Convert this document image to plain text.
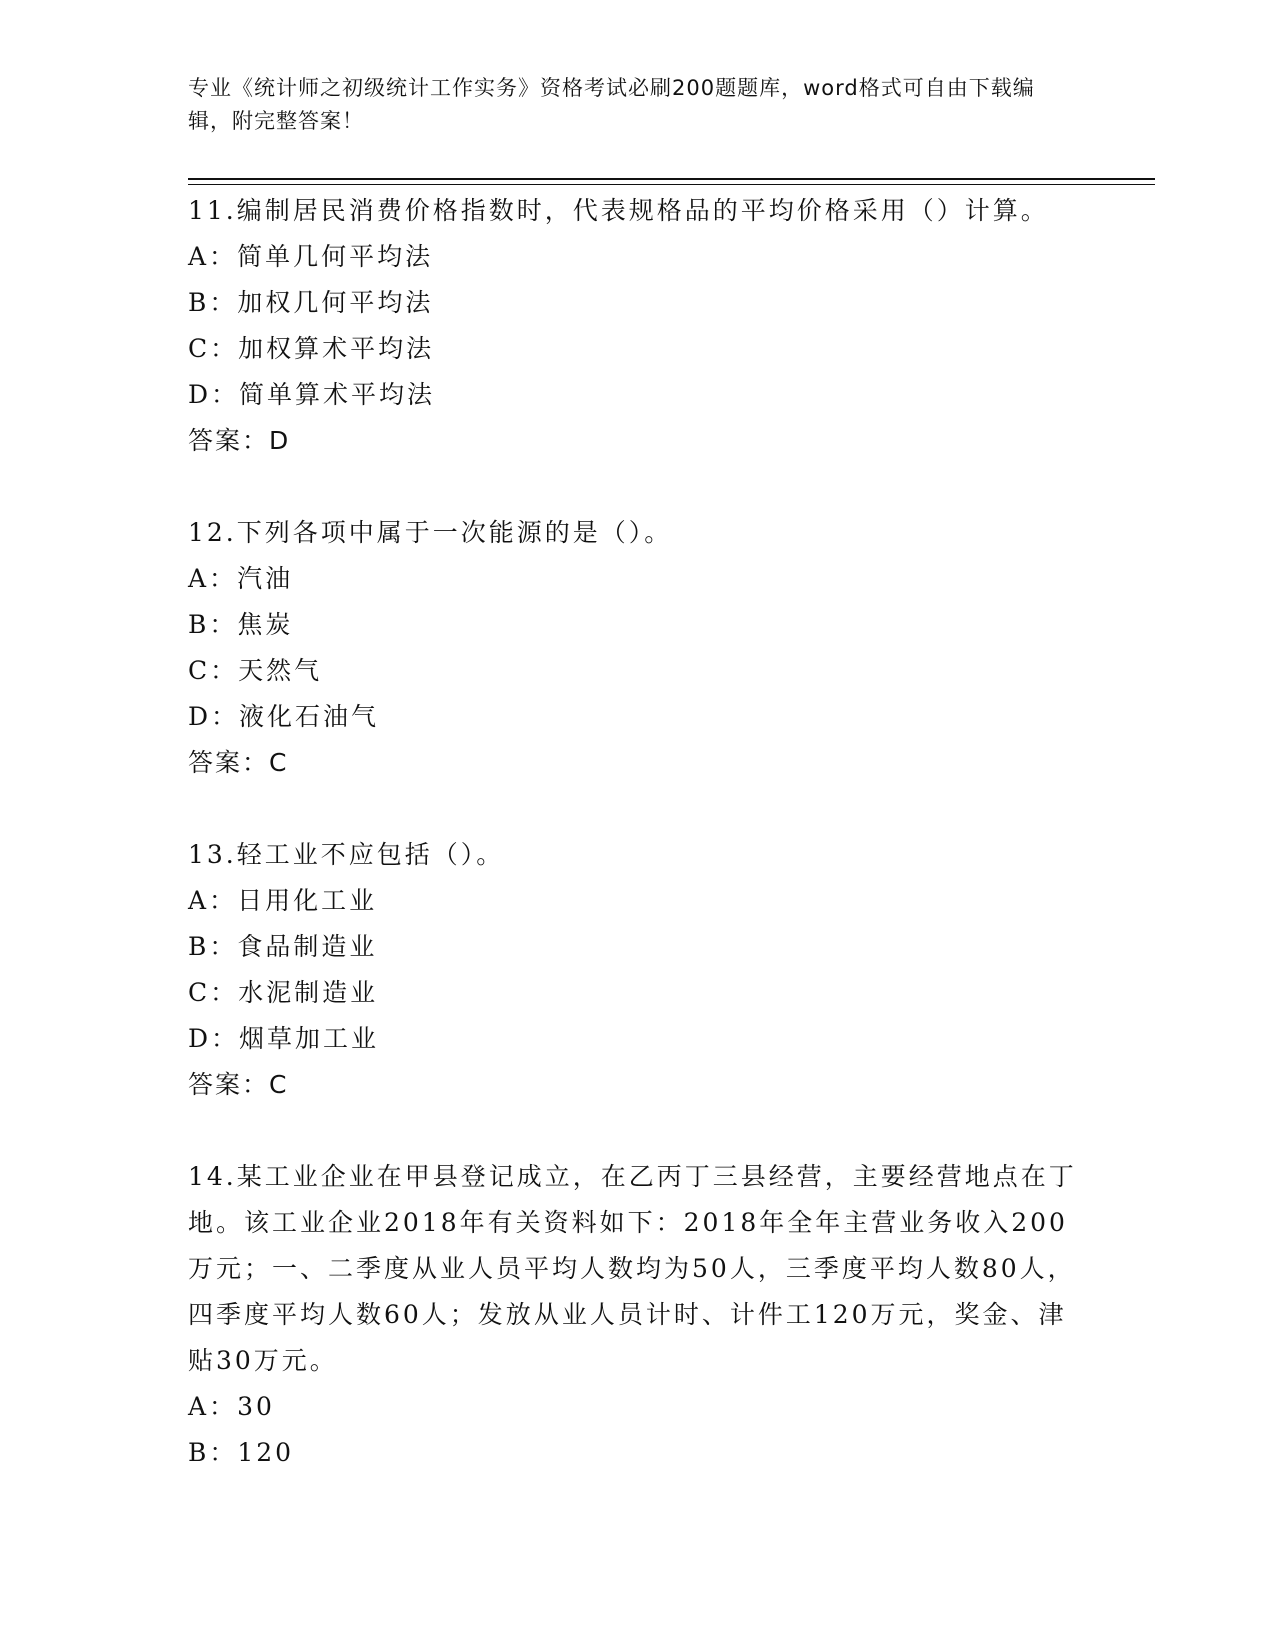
专业《统计师之初级统计工作实务》资格考试必刷200题题库，word格式可自由下载编辑，附完整答案！

11.编制居民消费价格指数时，代表规格品的平均价格采用（）计算。

A：简单几何平均法

B：加权几何平均法

C：加权算术平均法

D：简单算术平均法

答案：D

12.下列各项中属于一次能源的是（）。

A：汽油

B：焦炭

C：天然气

D：液化石油气

答案：C

13.轻工业不应包括（）。

A：日用化工业

B：食品制造业

C：水泥制造业

D：烟草加工业

答案：C

14.某工业企业在甲县登记成立，在乙丙丁三县经营，主要经营地点在丁地。该工业企业2018年有关资料如下：2018年全年主营业务收入200万元；一、二季度从业人员平均人数均为50人，三季度平均人数80人，四季度平均人数60人；发放从业人员计时、计件工120万元，奖金、津贴30万元。

A：30

B：120
